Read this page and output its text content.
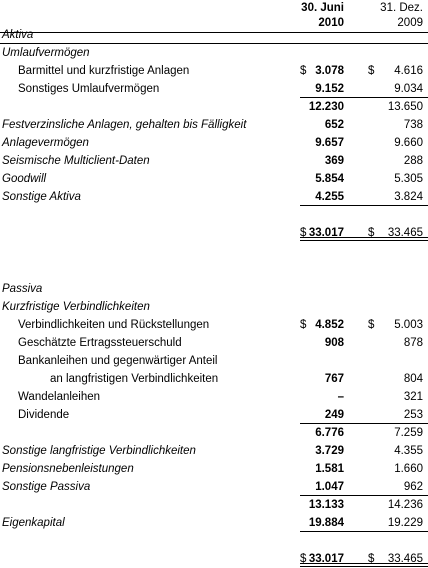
30. Juni
2010
31. Dez.
2009
Aktiva
Umlaufvermögen
Barmittel und kurzfristige Anlagen	$ 3.078 $ 4.616
Sonstiges Umlaufvermögen	9.152	9.034
12.230	13.650
Festverzinsliche Anlagen, gehalten bis Fälligkeit	652	738
Anlagevermögen	9.657	9.660
Seismische Multiclient-Daten	369	288
Goodwill	5.854	5.305
Sonstige Aktiva	4.255	3.824
$ 33.017 $ 33.465
Passiva
Kurzfristige Verbindlichkeiten
Verbindlichkeiten und Rückstellungen	$ 4.852 $ 5.003
Geschätzte Ertragssteuerschuld	908	878
Bankanleihen und gegenwärtiger Anteil
an langfristigen Verbindlichkeiten	767	804
Wandelanleihen	–	321
Dividende	249	253
6.776	7.259
Sonstige langfristige Verbindlichkeiten	3.729	4.355
Pensionsnebenleistungen	1.581	1.660
Sonstige Passiva	1.047	962
13.133	14.236
Eigenkapital	19.884	19.229
$ 33.017 $ 33.465
